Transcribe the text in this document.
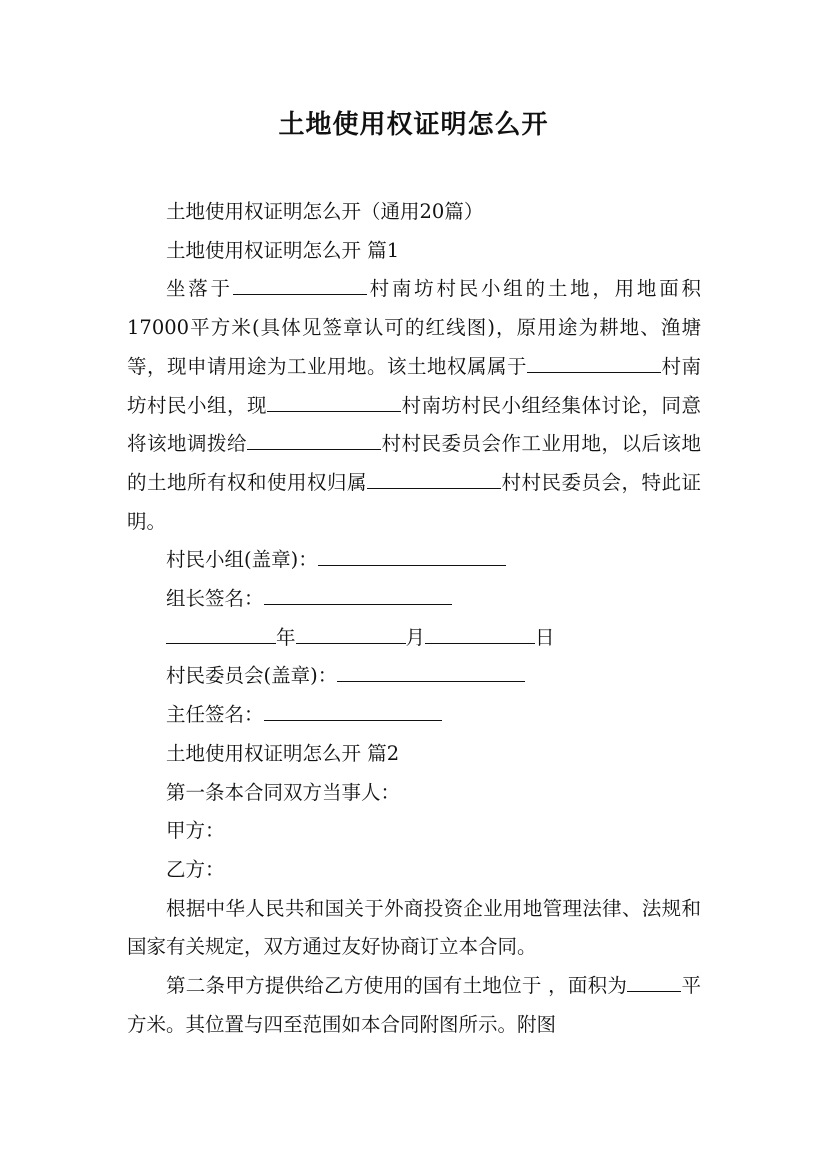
土地使用权证明怎么开

土地使用权证明怎么开（通用20篇）

土地使用权证明怎么开 篇1

坐落于	村南坊村民小组的土地，用地面积17000平方米(具体见签章认可的红线图)，原用途为耕地、渔塘等，现申请用途为工业用地。该土地权属属于	村南坊村民小组，现	村南坊村民小组经集体讨论，同意将该地调拨给	村村民委员会作工业用地，以后该地的土地所有权和使用权归属	村村民委员会，特此证明。

村民小组(盖章)：

组长签名：

年	月	日

村民委员会(盖章)：

主任签名：

土地使用权证明怎么开 篇2

第一条本合同双方当事人：

甲方：

乙方：

根据中华人民共和国关于外商投资企业用地管理法律、法规和国家有关规定，双方通过友好协商订立本合同。

第二条甲方提供给乙方使用的国有土地位于 ，面积为	平方米。其位置与四至范围如本合同附图所示。附图
